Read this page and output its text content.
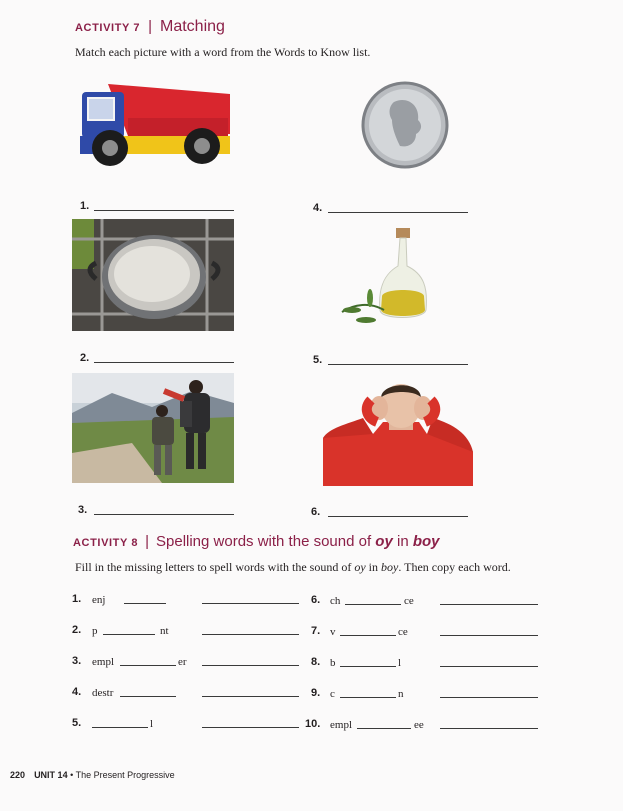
ACTIVITY 7 | Matching
Match each picture with a word from the Words to Know list.
1.	4.
2.	5.
3.	6.
ACTIVITY 8 | Spelling words with the sound of oy in boy
Fill in the missing letters to spell words with the sound of oy in boy. Then copy each word.
1. enj
2. p	nt
3. empl	er
4. destr
5.	l
6. ch	ce
7. v	ce
8. b	l
9. c	n
10. empl	ee
220 UNIT 14 • The Present Progressive
